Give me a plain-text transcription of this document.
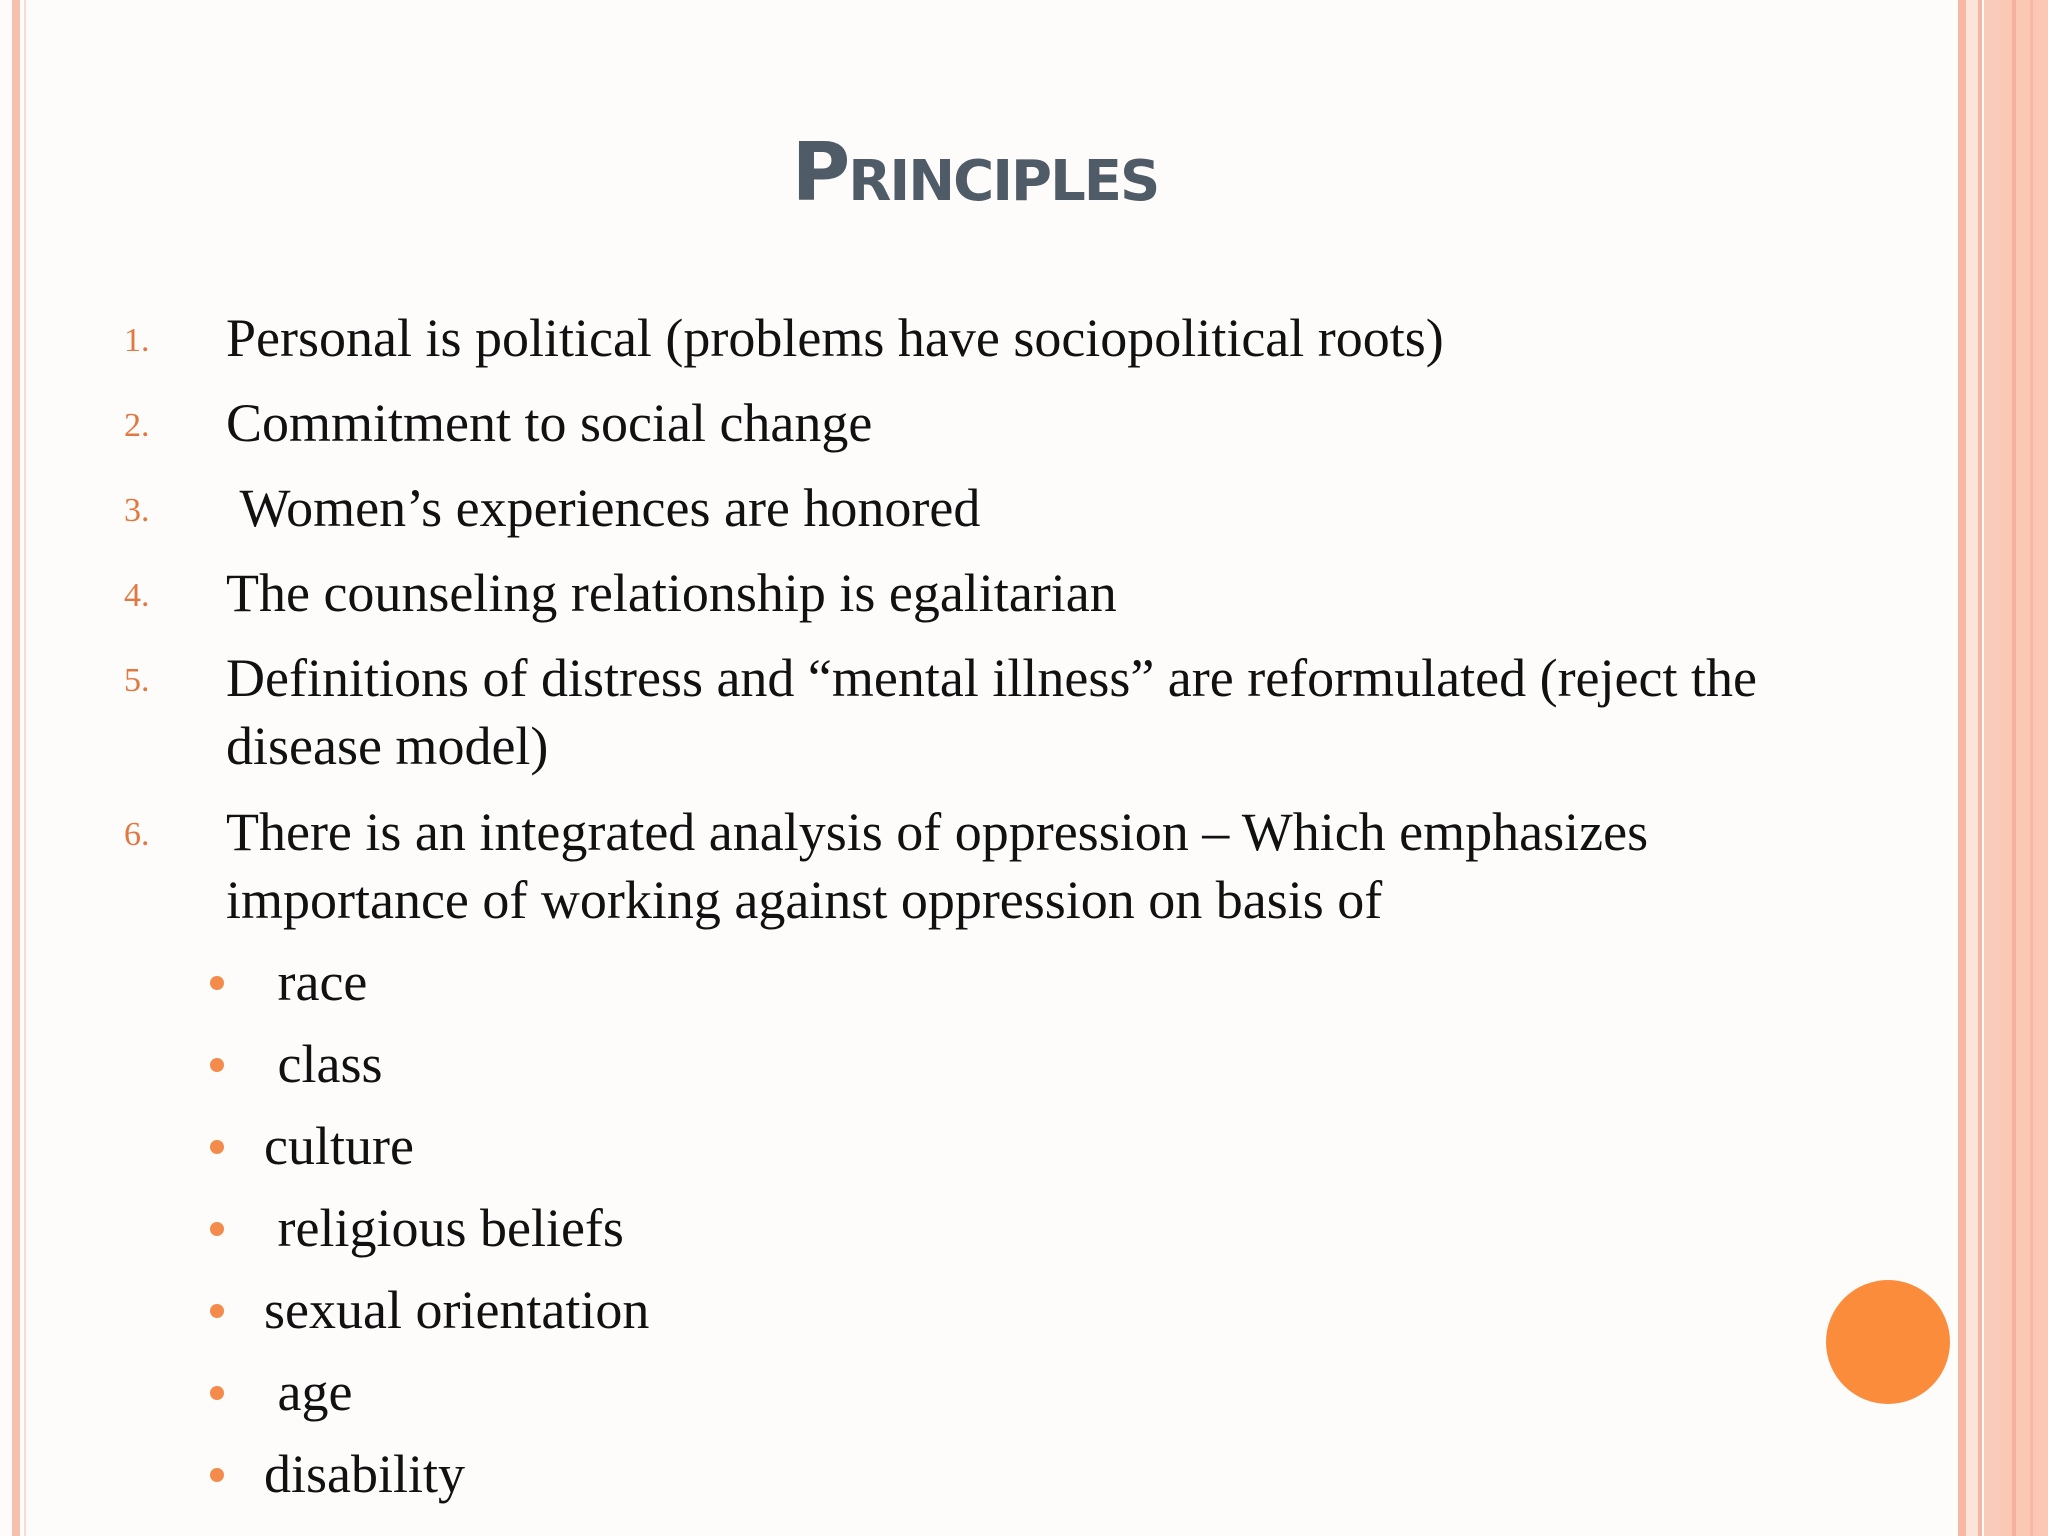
Principles
1. Personal is political (problems have sociopolitical roots)
2. Commitment to social change
3. Women’s experiences are honored
4. The counseling relationship is egalitarian
5. Definitions of distress and “mental illness” are reformulated (reject the disease model)
6. There is an integrated analysis of oppression – Which emphasizes importance of working against oppression on basis of
race
class
culture
religious beliefs
sexual orientation
age
disability
